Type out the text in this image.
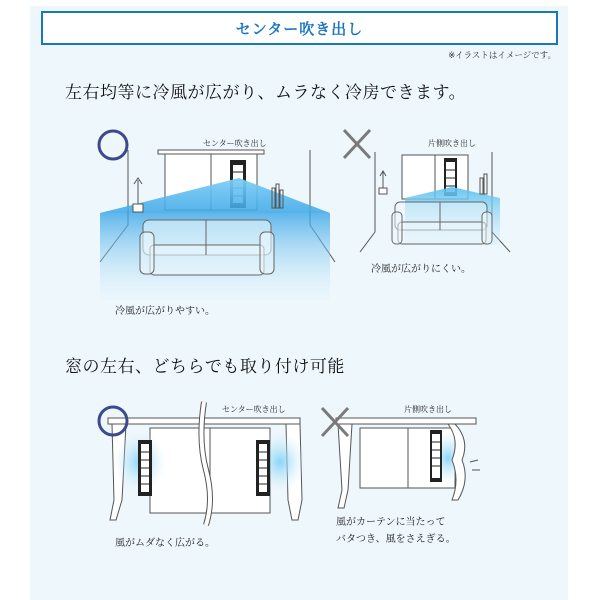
センター吹き出し
※イラストはイメージです。
左右均等に冷風が広がり、ムラなく冷房できます。
センター吹き出し
冷風が広がりやすい。
片側吹き出し
冷風が広がりにくい。
窓の左右、どちらでも取り付け可能
センター吹き出し
風がムダなく広がる。
片側吹き出し
風がカーテンに当たって
バタつき、風をさえぎる。
